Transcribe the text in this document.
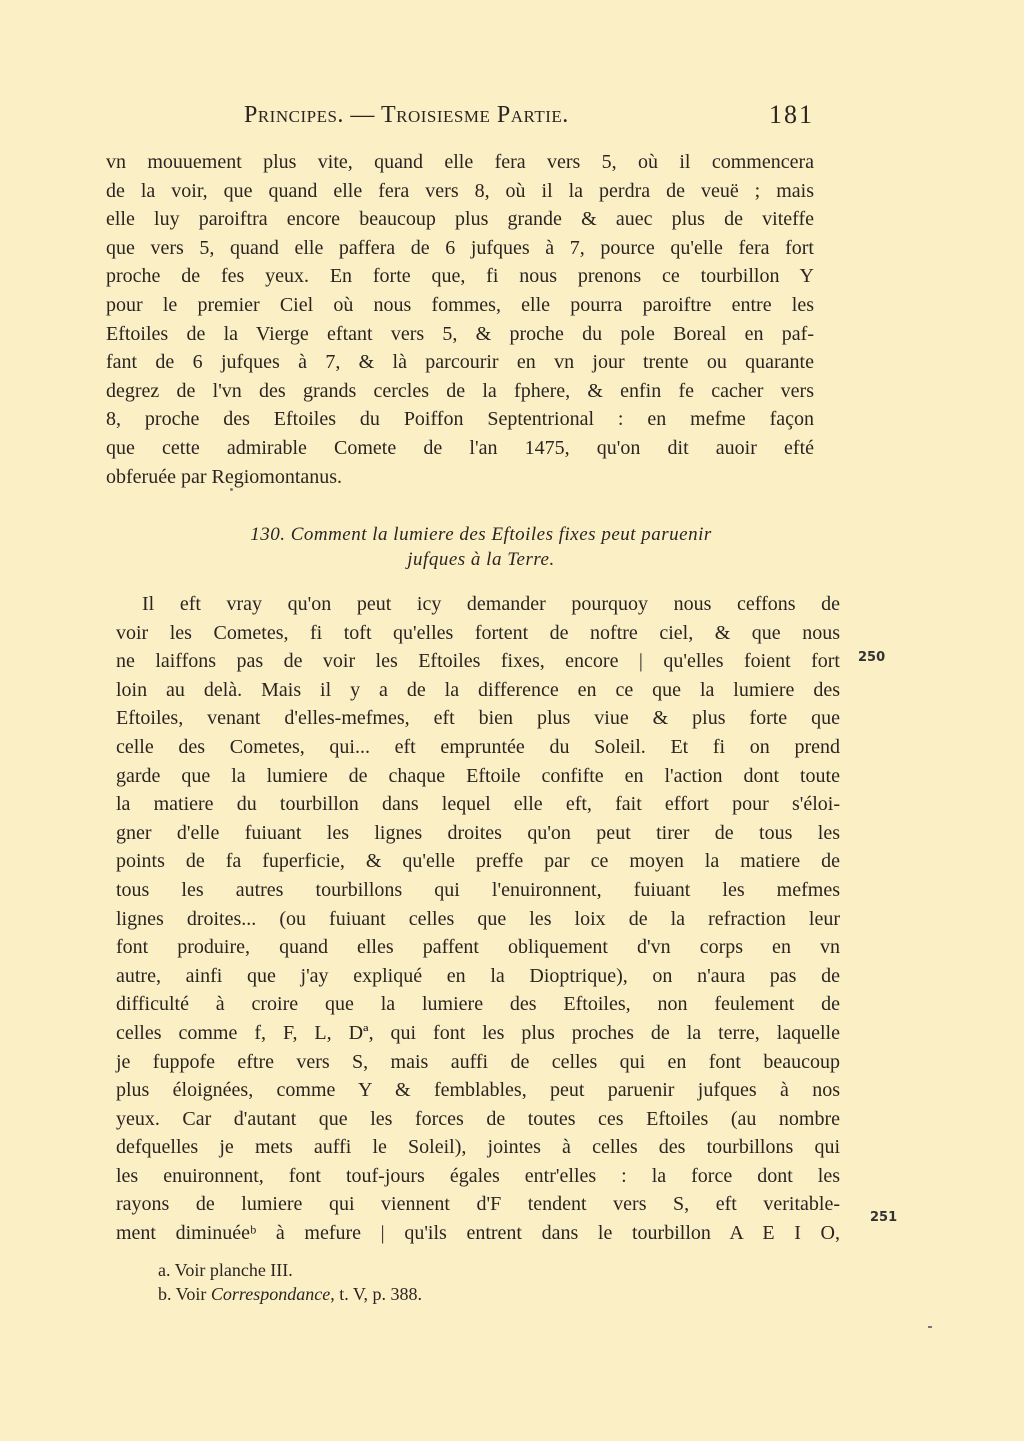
Principes. — Troisiesme Partie.	181
vn mouuement plus vite, quand elle fera vers 5, où il commencera
de la voir, que quand elle fera vers 8, où il la perdra de veuë ; mais
elle luy paroiftra encore beaucoup plus grande & auec plus de viteffe
que vers 5, quand elle paffera de 6 jufques à 7, pource qu'elle fera fort
proche de fes yeux. En forte que, fi nous prenons ce tourbillon Y
pour le premier Ciel où nous fommes, elle pourra paroiftre entre les
Eftoiles de la Vierge eftant vers 5, & proche du pole Boreal en paf-
fant de 6 jufques à 7, & là parcourir en vn jour trente ou quarante
degrez de l'vn des grands cercles de la fphere, & enfin fe cacher vers
8, proche des Eftoiles du Poiffon Septentrional : en mefme façon
que cette admirable Comete de l'an 1475, qu'on dit auoir efté
obferuée par Regiomontanus.
130. Comment la lumiere des Eftoiles fixes peut paruenir
jufques à la Terre.
Il eft vray qu'on peut icy demander pourquoy nous ceffons de
voir les Cometes, fi toft qu'elles fortent de noftre ciel, & que nous
ne laiffons pas de voir les Eftoiles fixes, encore | qu'elles foient fort
loin au delà. Mais il y a de la difference en ce que la lumiere des
Eftoiles, venant d'elles-mefmes, eft bien plus viue & plus forte que
celle des Cometes, qui... eft empruntée du Soleil. Et fi on prend
garde que la lumiere de chaque Eftoile confifte en l'action dont toute
la matiere du tourbillon dans lequel elle eft, fait effort pour s'éloi-
gner d'elle fuiuant les lignes droites qu'on peut tirer de tous les
points de fa fuperficie, & qu'elle preffe par ce moyen la matiere de
tous les autres tourbillons qui l'enuironnent, fuiuant les mefmes
lignes droites... (ou fuiuant celles que les loix de la refraction leur
font produire, quand elles paffent obliquement d'vn corps en vn
autre, ainfi que j'ay expliqué en la Dioptrique), on n'aura pas de
difficulté à croire que la lumiere des Eftoiles, non feulement de
celles comme f, F, L, Dª, qui font les plus proches de la terre, laquelle
je fuppofe eftre vers S, mais auffi de celles qui en font beaucoup
plus éloignées, comme Y & femblables, peut paruenir jufques à nos
yeux. Car d'autant que les forces de toutes ces Eftoiles (au nombre
defquelles je mets auffi le Soleil), jointes à celles des tourbillons qui
les enuironnent, font touf-jours égales entr'elles : la force dont les
rayons de lumiere qui viennent d'F tendent vers S, eft veritable-
ment diminuéeᵇ à mefure | qu'ils entrent dans le tourbillon A E I O,
250
251
a. Voir planche III.
b. Voir Correspondance, t. V, p. 388.
